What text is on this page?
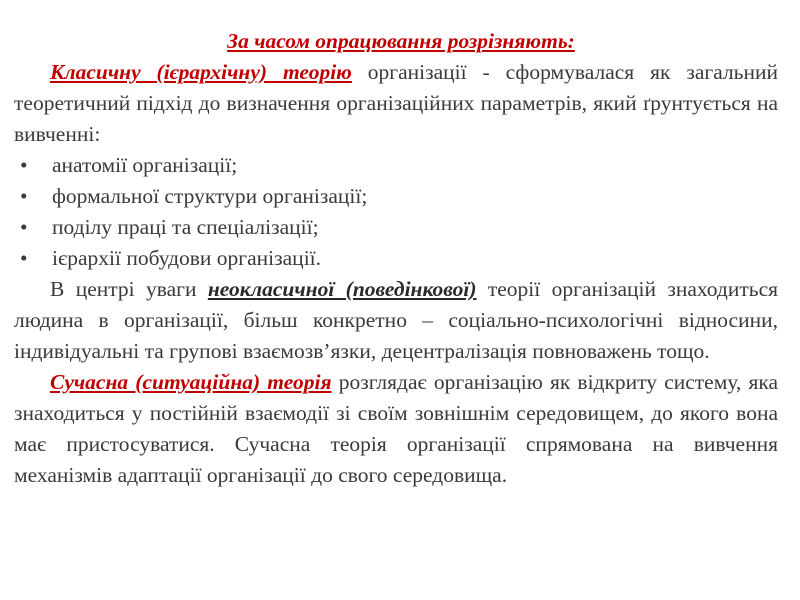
За часом опрацювання розрізняють:

Класичну (ієрархічну) теорію організації - сформувалася як загальний теоретичний підхід до визначення організаційних параметрів, який ґрунтується на вивченні:

• анатомії організації;
• формальної структури організації;
• поділу праці та спеціалізації;
• ієрархії побудови організації.

В центрі уваги неокласичної (поведінкової) теорії організацій знаходиться людина в організації, більш конкретно – соціально-психологічні відносини, індивідуальні та групові взаємозв’язки, децентралізація повноважень тощо.

Сучасна (ситуаційна) теорія розглядає організацію як відкриту систему, яка знаходиться у постійній взаємодії зі своїм зовнішнім середовищем, до якого вона має пристосуватися. Сучасна теорія організації спрямована на вивчення механізмів адаптації організації до свого середовища.
